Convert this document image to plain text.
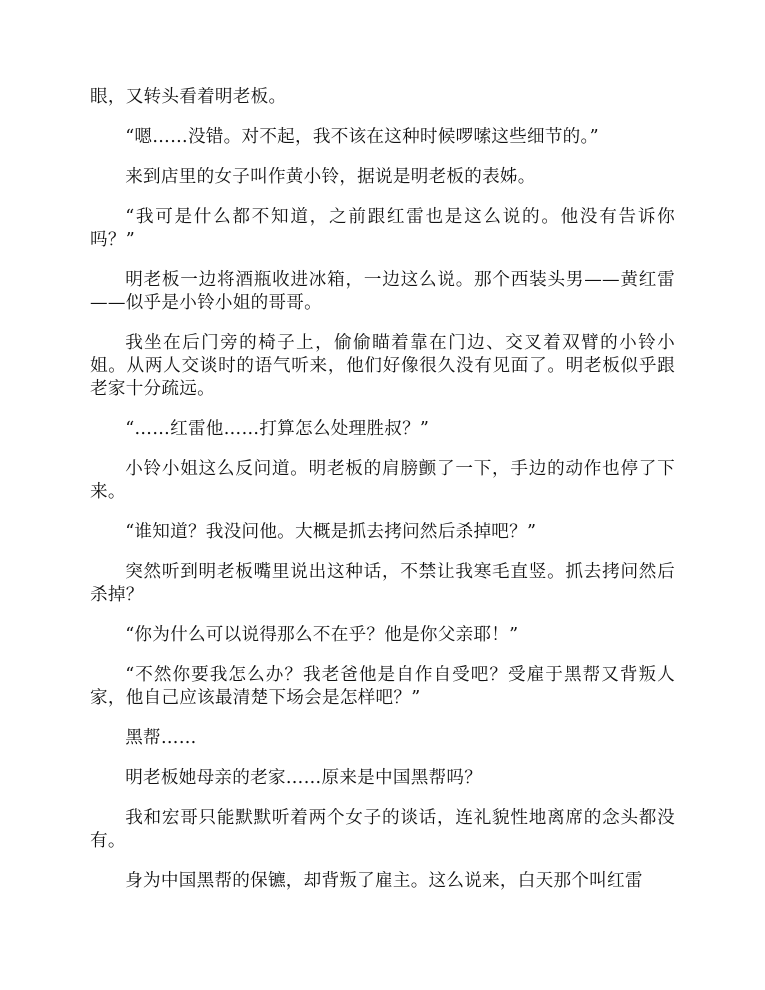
眼，又转头看着明老板。

“嗯……没错。对不起，我不该在这种时候啰嗦这些细节的。”

来到店里的女子叫作黄小铃，据说是明老板的表姊。

“我可是什么都不知道，之前跟红雷也是这么说的。他没有告诉你吗？”

明老板一边将酒瓶收进冰箱，一边这么说。那个西装头男——黄红雷——似乎是小铃小姐的哥哥。

我坐在后门旁的椅子上，偷偷瞄着靠在门边、交叉着双臂的小铃小姐。从两人交谈时的语气听来，他们好像很久没有见面了。明老板似乎跟老家十分疏远。

“……红雷他……打算怎么处理胜叔？”

小铃小姐这么反问道。明老板的肩膀颤了一下，手边的动作也停了下来。

“谁知道？我没问他。大概是抓去拷问然后杀掉吧？”

突然听到明老板嘴里说出这种话，不禁让我寒毛直竖。抓去拷问然后杀掉？

“你为什么可以说得那么不在乎？他是你父亲耶！”

“不然你要我怎么办？我老爸他是自作自受吧？受雇于黑帮又背叛人家，他自己应该最清楚下场会是怎样吧？”

黑帮……

明老板她母亲的老家……原来是中国黑帮吗？

我和宏哥只能默默听着两个女子的谈话，连礼貌性地离席的念头都没有。

身为中国黑帮的保镳，却背叛了雇主。这么说来，白天那个叫红雷
